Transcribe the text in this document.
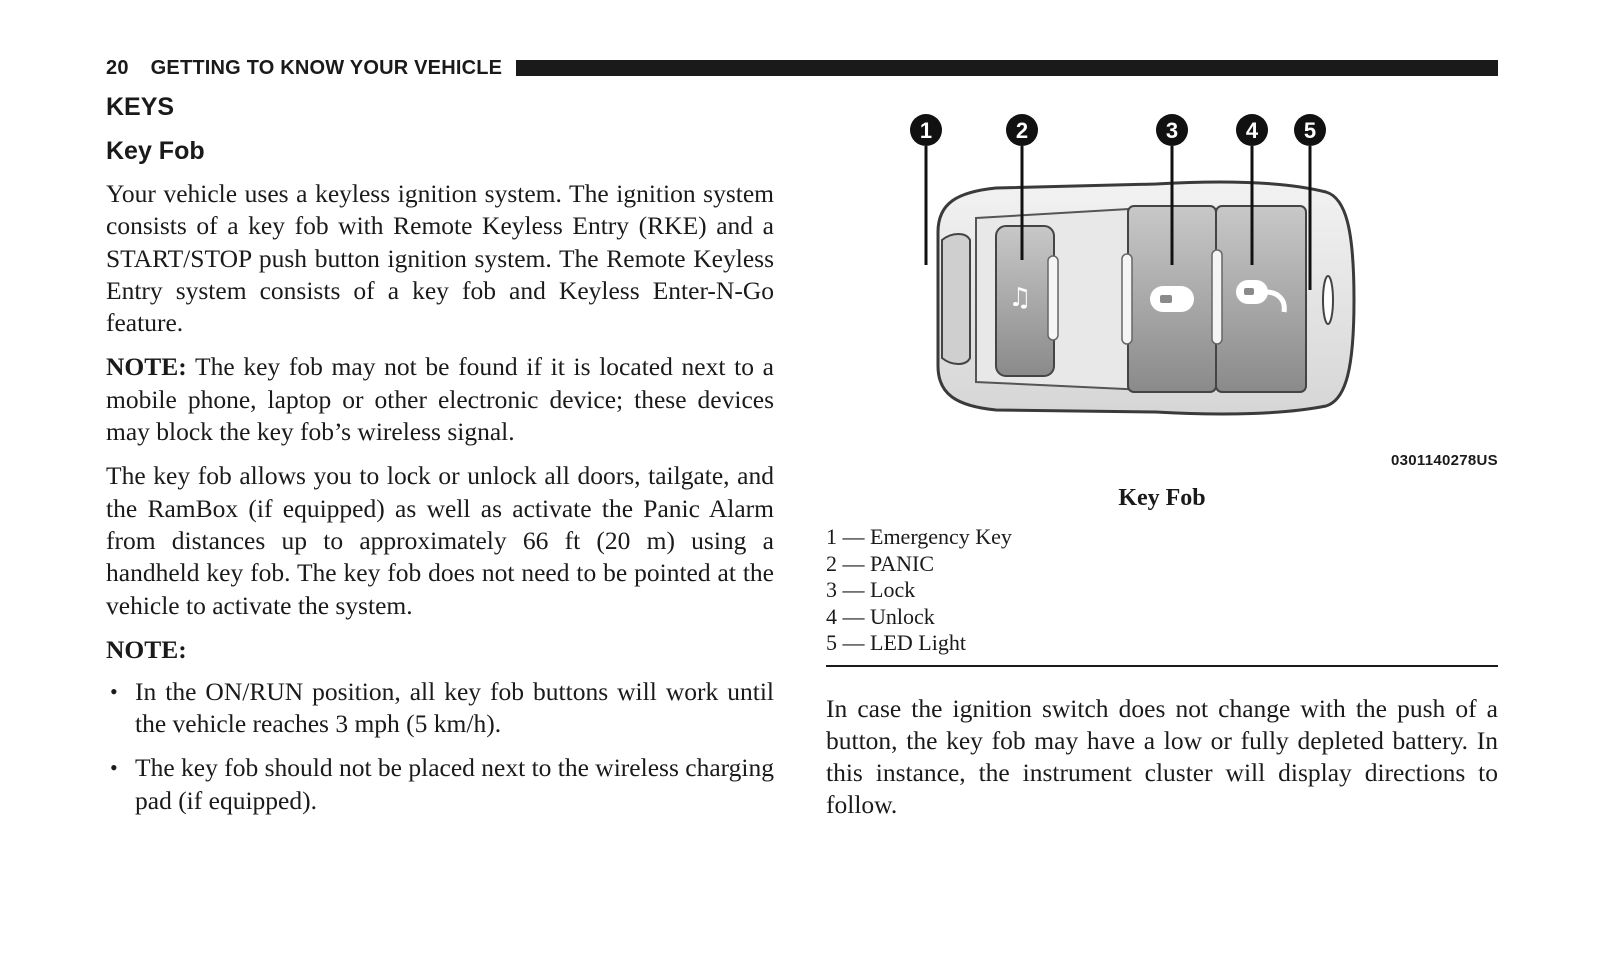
20 GETTING TO KNOW YOUR VEHICLE
KEYS
Key Fob

Your vehicle uses a keyless ignition system. The ignition system consists of a key fob with Remote Keyless Entry (RKE) and a START/STOP push button ignition system. The Remote Keyless Entry system consists of a key fob and Keyless Enter-N-Go feature.

NOTE: The key fob may not be found if it is located next to a mobile phone, laptop or other electronic device; these devices may block the key fob’s wireless signal.

The key fob allows you to lock or unlock all doors, tailgate, and the RamBox (if equipped) as well as activate the Panic Alarm from distances up to approximately 66 ft (20 m) using a handheld key fob. The key fob does not need to be pointed at the vehicle to activate the system.

NOTE:

• In the ON/RUN position, all key fob buttons will work until the vehicle reaches 3 mph (5 km/h).
• The key fob should not be placed next to the wireless charging pad (if equipped).
♫
1	2	3	4 5
0301140278US
Key Fob
1 — Emergency Key
2 — PANIC
3 — Lock
4 — Unlock
5 — LED Light

In case the ignition switch does not change with the push of a button, the key fob may have a low or fully depleted battery. In this instance, the instrument cluster will display directions to follow.
